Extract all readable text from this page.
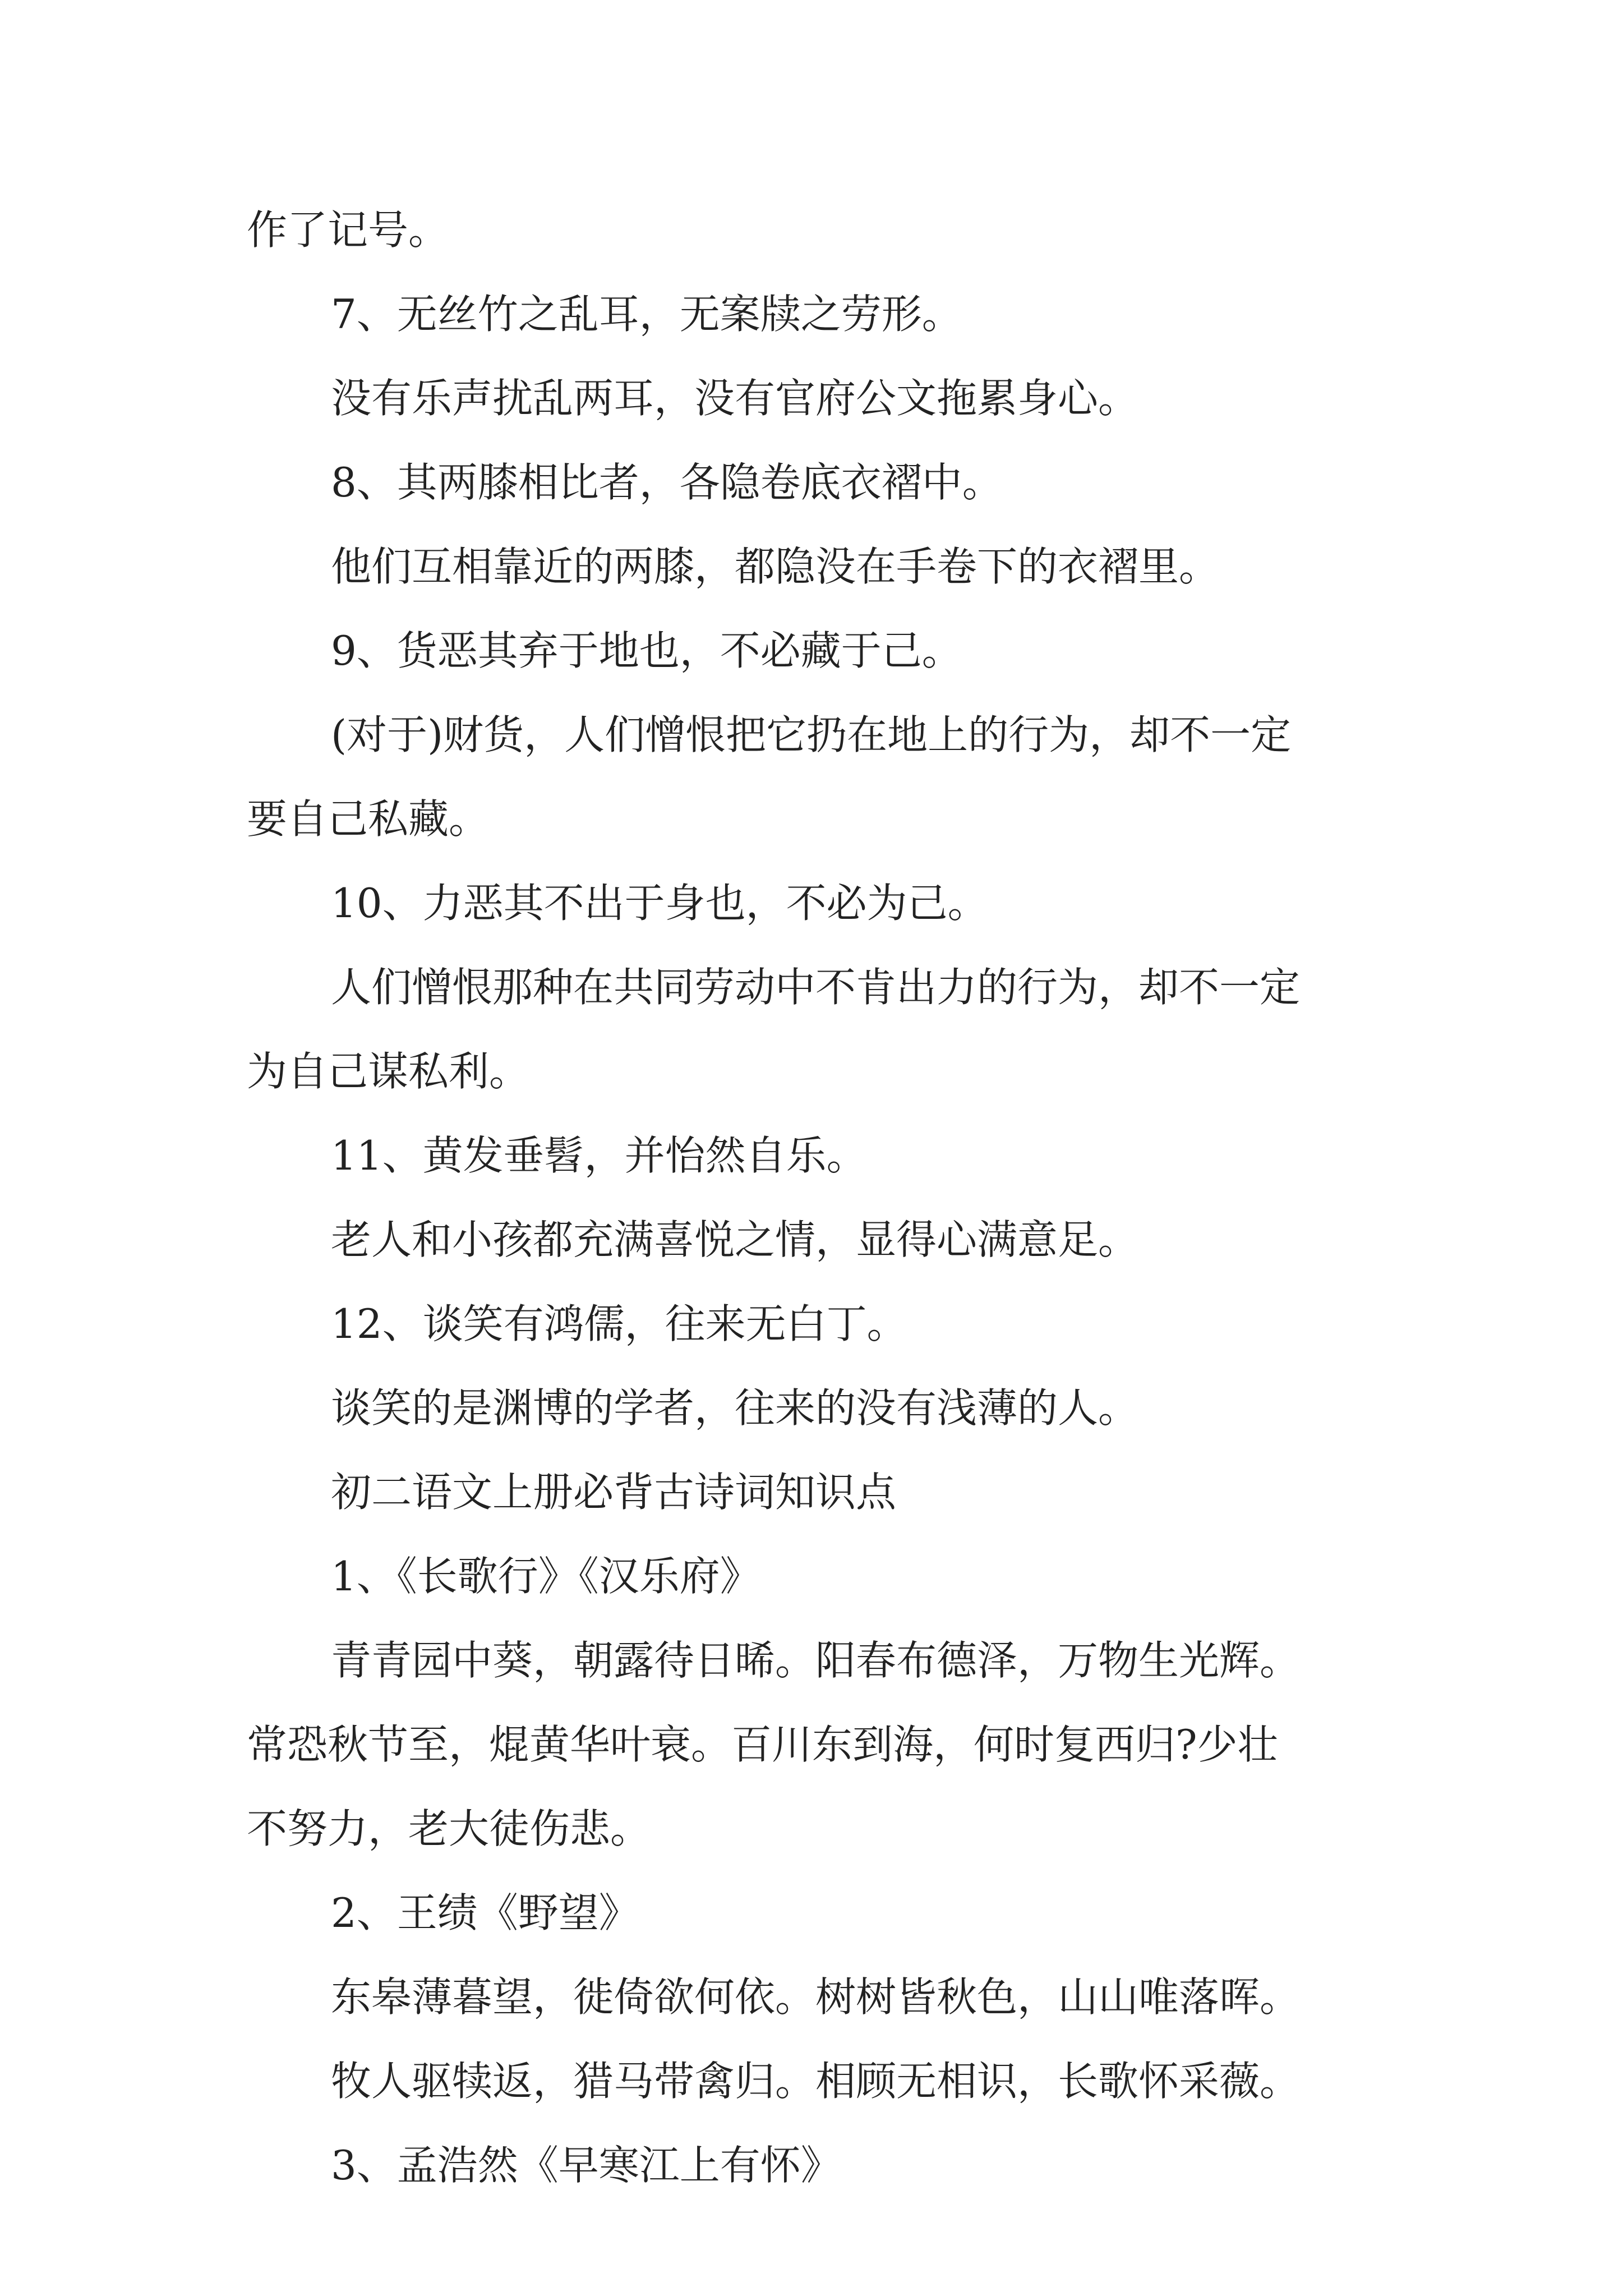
作了记号。
7、无丝竹之乱耳，无案牍之劳形。
没有乐声扰乱两耳，没有官府公文拖累身心。
8、其两膝相比者，各隐卷底衣褶中。
他们互相靠近的两膝，都隐没在手卷下的衣褶里。
9、货恶其弃于地也，不必藏于己。
(对于)财货，人们憎恨把它扔在地上的行为，却不一定
要自己私藏。
10、力恶其不出于身也，不必为己。
人们憎恨那种在共同劳动中不肯出力的行为，却不一定
为自己谋私利。
11、黄发垂髫，并怡然自乐。
老人和小孩都充满喜悦之情，显得心满意足。
12、谈笑有鸿儒，往来无白丁。
谈笑的是渊博的学者，往来的没有浅薄的人。
初二语文上册必背古诗词知识点
1、《长歌行》《汉乐府》
青青园中葵，朝露待日晞。阳春布德泽，万物生光辉。
常恐秋节至，焜黄华叶衰。百川东到海，何时复西归?少壮
不努力，老大徒伤悲。
2、王绩《野望》
东皋薄暮望，徙倚欲何依。树树皆秋色，山山唯落晖。
牧人驱犊返，猎马带禽归。相顾无相识，长歌怀采薇。
3、孟浩然《早寒江上有怀》
